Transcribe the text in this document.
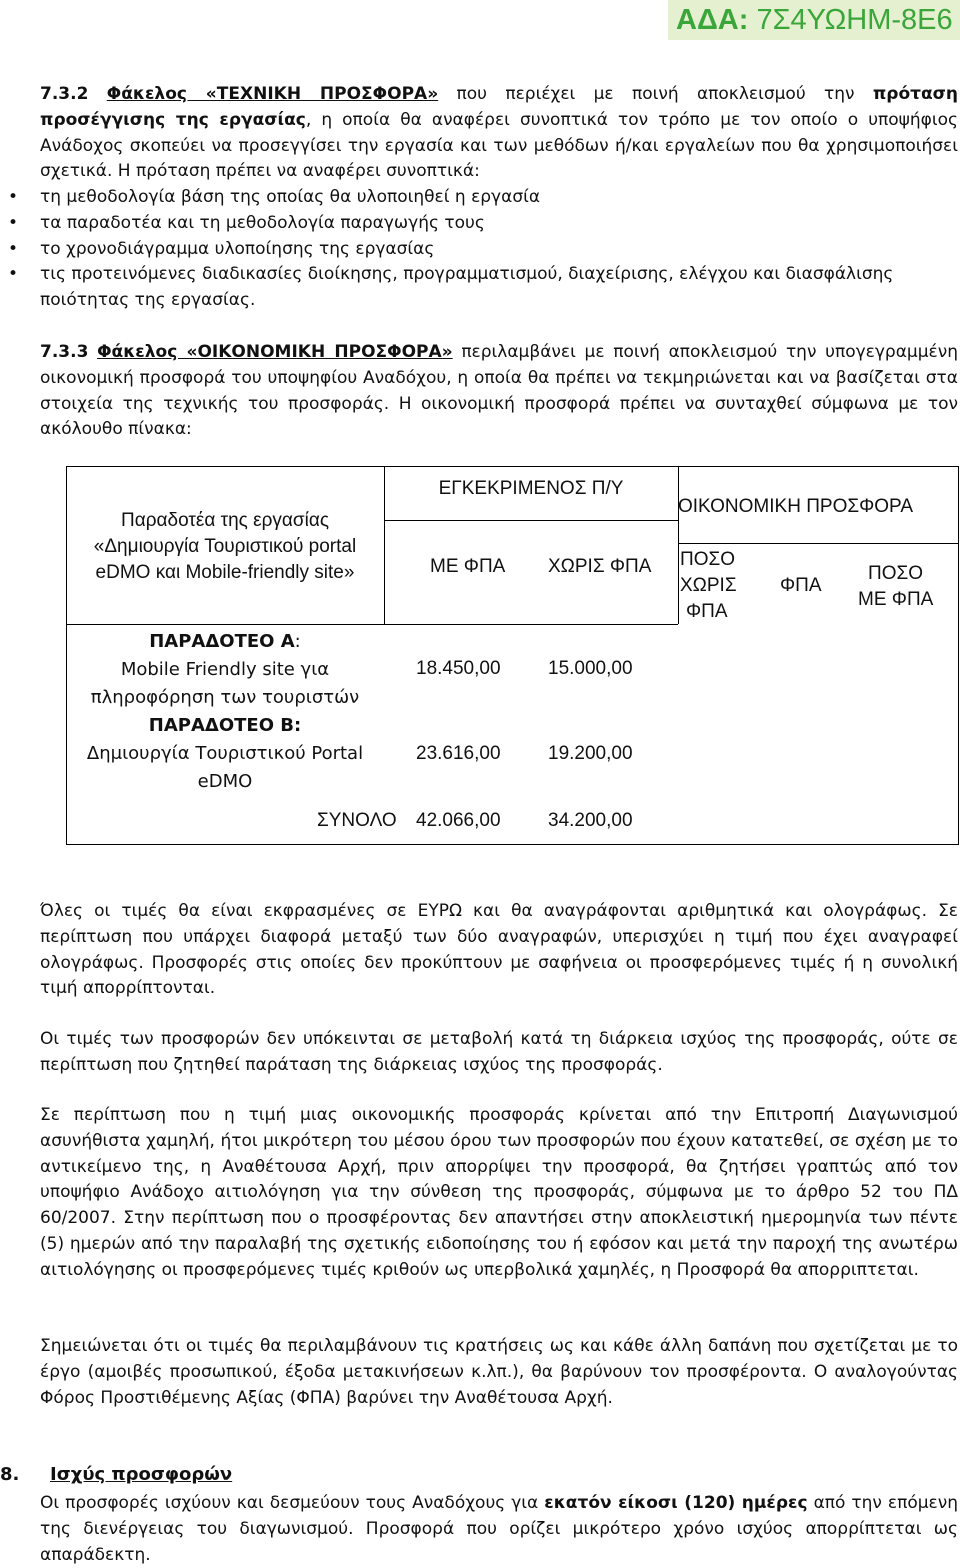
ΑΔΑ: 7Σ4ΥΩΗΜ-8Ε6

7.3.2 Φάκελος «ΤΕΧΝΙΚΗ ΠΡΟΣΦΟΡΑ» που περιέχει με ποινή αποκλεισμού την πρόταση προσέγγισης της εργασίας, η οποία θα αναφέρει συνοπτικά τον τρόπο με τον οποίο ο υποψήφιος Ανάδοχος σκοπεύει να προσεγγίσει την εργασία και των μεθόδων ή/και εργαλείων που θα χρησιμοποιήσει σχετικά. Η πρόταση πρέπει να αναφέρει συνοπτικά:

• τη μεθοδολογία βάση της οποίας θα υλοποιηθεί η εργασία
• τα παραδοτέα και τη μεθοδολογία παραγωγής τους
• το χρονοδιάγραμμα υλοποίησης της εργασίας
• τις προτεινόμενες διαδικασίες διοίκησης, προγραμματισμού, διαχείρισης, ελέγχου και διασφάλισης ποιότητας της εργασίας.

7.3.3 Φάκελος «ΟΙΚΟΝΟΜΙΚΗ ΠΡΟΣΦΟΡΑ» περιλαμβάνει με ποινή αποκλεισμού την υπογεγραμμένη οικονομική προσφορά του υποψηφίου Αναδόχου, η οποία θα πρέπει να τεκμηριώνεται και να βασίζεται στα στοιχεία της τεχνικής του προσφοράς. Η οικονομική προσφορά πρέπει να συνταχθεί σύμφωνα με τον ακόλουθο πίνακα:

Παραδοτέα της εργασίας
«Δημιουργία Τουριστικού portal
eDMO και Mobile-friendly site»
ΕΓΚΕΚΡΙΜΕΝΟΣ Π/Υ
ΜΕ ΦΠΑ ΧΩΡΙΣ ΦΠΑ
ΟΙΚΟΝΟΜΙΚΗ ΠΡΟΣΦΟΡΑ
ΠΟΣΟ
ΧΩΡΙΣ
ΦΠΑ
ΦΠΑ
ΠΟΣΟ
ΜΕ ΦΠΑ
ΠΑΡΑΔΟΤΕΟ Α:
Mobile Friendly site για
πληροφόρηση των τουριστών
18.450,00 15.000,00
ΠΑΡΑΔΟΤΕΟ Β:
Δημιουργία Τουριστικού Portal
eDMO
23.616,00 19.200,00
ΣΥΝΟΛΟ 42.066,00 34.200,00

Όλες οι τιμές θα είναι εκφρασμένες σε ΕΥΡΩ και θα αναγράφονται αριθμητικά και ολογράφως. Σε περίπτωση που υπάρχει διαφορά μεταξύ των δύο αναγραφών, υπερισχύει η τιμή που έχει αναγραφεί ολογράφως. Προσφορές στις οποίες δεν προκύπτουν με σαφήνεια οι προσφερόμενες τιμές ή η συνολική τιμή απορρίπτονται.

Οι τιμές των προσφορών δεν υπόκεινται σε μεταβολή κατά τη διάρκεια ισχύος της προσφοράς, ούτε σε περίπτωση που ζητηθεί παράταση της διάρκειας ισχύος της προσφοράς.

Σε περίπτωση που η τιμή μιας οικονομικής προσφοράς κρίνεται από την Επιτροπή Διαγωνισμού ασυνήθιστα χαμηλή, ήτοι μικρότερη του μέσου όρου των προσφορών που έχουν κατατεθεί, σε σχέση με το αντικείμενο της, η Αναθέτουσα Αρχή, πριν απορρίψει την προσφορά, θα ζητήσει γραπτώς από τον υποψήφιο Ανάδοχο αιτιολόγηση για την σύνθεση της προσφοράς, σύμφωνα με το άρθρο 52 του ΠΔ 60/2007. Στην περίπτωση που ο προσφέροντας δεν απαντήσει στην αποκλειστική ημερομηνία των πέντε (5) ημερών από την παραλαβή της σχετικής ειδοποίησης του ή εφόσον και μετά την παροχή της ανωτέρω αιτιολόγησης οι προσφερόμενες τιμές κριθούν ως υπερβολικά χαμηλές, η Προσφορά θα απορριπτεται.

Σημειώνεται ότι οι τιμές θα περιλαμβάνουν τις κρατήσεις ως και κάθε άλλη δαπάνη που σχετίζεται με το έργο (αμοιβές προσωπικού, έξοδα μετακινήσεων κ.λπ.), θα βαρύνουν τον προσφέροντα. Ο αναλογούντας Φόρος Προστιθέμενης Αξίας (ΦΠΑ) βαρύνει την Αναθέτουσα Αρχή.

8.	Ισχύς προσφορών

Οι προσφορές ισχύουν και δεσμεύουν τους Αναδόχους για εκατόν είκοσι (120) ημέρες από την επόμενη της διενέργειας του διαγωνισμού. Προσφορά που ορίζει μικρότερο χρόνο ισχύος απορρίπτεται ως απαράδεκτη.
